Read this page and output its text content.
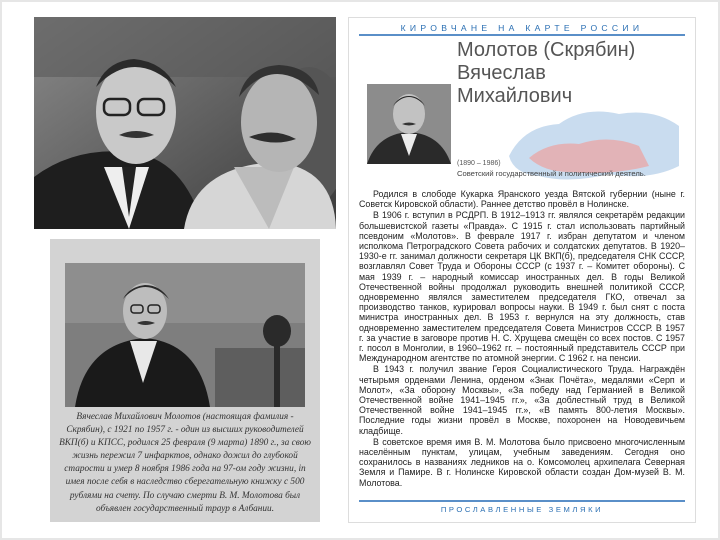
Вячеслав Михайлович Молотов (настоящая фамилия - Скрябин), с 1921 по 1957 г. - один из высших руководителей ВКП(б) и КПСС, родился 25 февраля (9 марта) 1890 г., за свою жизнь пережил 7 инфарктов, однако дожил до глубокой старости и умер 8 ноября 1986 года на 97-ом году жизни, in имея после себя в наследство сберегательную книжку с 500 рублями на счету. По случаю смерти В. М. Молотова был объявлен государственный траур в Албании.
КИРОВЧАНЕ НА КАРТЕ РОССИИ
Молотов (Скрябин)
Вячеслав
Михайлович
(1890 – 1986)
Советский государственный и политический деятель.

Родился в слободе Кукарка Яранского уезда Вятской губернии (ныне г. Советск Кировской области). Раннее детство провёл в Нолинске.

В 1906 г. вступил в РСДРП. В 1912–1913 гг. являлся секретарём редакции большевистской газеты «Правда». С 1915 г. стал использовать партийный псевдоним «Молотов». В феврале 1917 г. избран депутатом и членом исполкома Петроградского Совета рабочих и солдатских депутатов. В 1920–1930-е гг. занимал должности секретаря ЦК ВКП(б), председателя СНК СССР, возглавлял Совет Труда и Обороны СССР (с 1937 г. – Комитет обороны). С мая 1939 г. – народный комиссар иностранных дел. В годы Великой Отечественной войны продолжал руководить внешней политикой СССР, одновременно являлся заместителем председателя ГКО, отвечал за производство танков, курировал вопросы науки. В 1949 г. был снят с поста министра иностранных дел. В 1953 г. вернулся на эту должность, став одновременно заместителем председателя Совета Министров СССР. В 1957 г. за участие в заговоре против Н. С. Хрущева смещён со всех постов. С 1957 г. посол в Монголии, в 1960–1962 гг. – постоянный представитель СССР при Международном агентстве по атомной энергии. С 1962 г. на пенсии.

В 1943 г. получил звание Героя Социалистического Труда. Награждён четырьмя орденами Ленина, орденом «Знак Почёта», медалями «Серп и Молот», «За оборону Москвы», «За победу над Германией в Великой Отечественной войне 1941–1945 гг.», «За доблестный труд в Великой Отечественной войне 1941–1945 гг.», «В память 800-летия Москвы». Последние годы жизни провёл в Москве, похоронен на Новодевичьем кладбище.

В советское время имя В. М. Молотова было присвоено многочисленным населённым пунктам, улицам, учебным заведениям. Сегодня оно сохранилось в названиях ледников на о. Комсомолец архипелага Северная Земля и Памире. В г. Нолинске Кировской области создан Дом-музей В. М. Молотова.

ПРОСЛАВЛЕННЫЕ ЗЕМЛЯКИ
